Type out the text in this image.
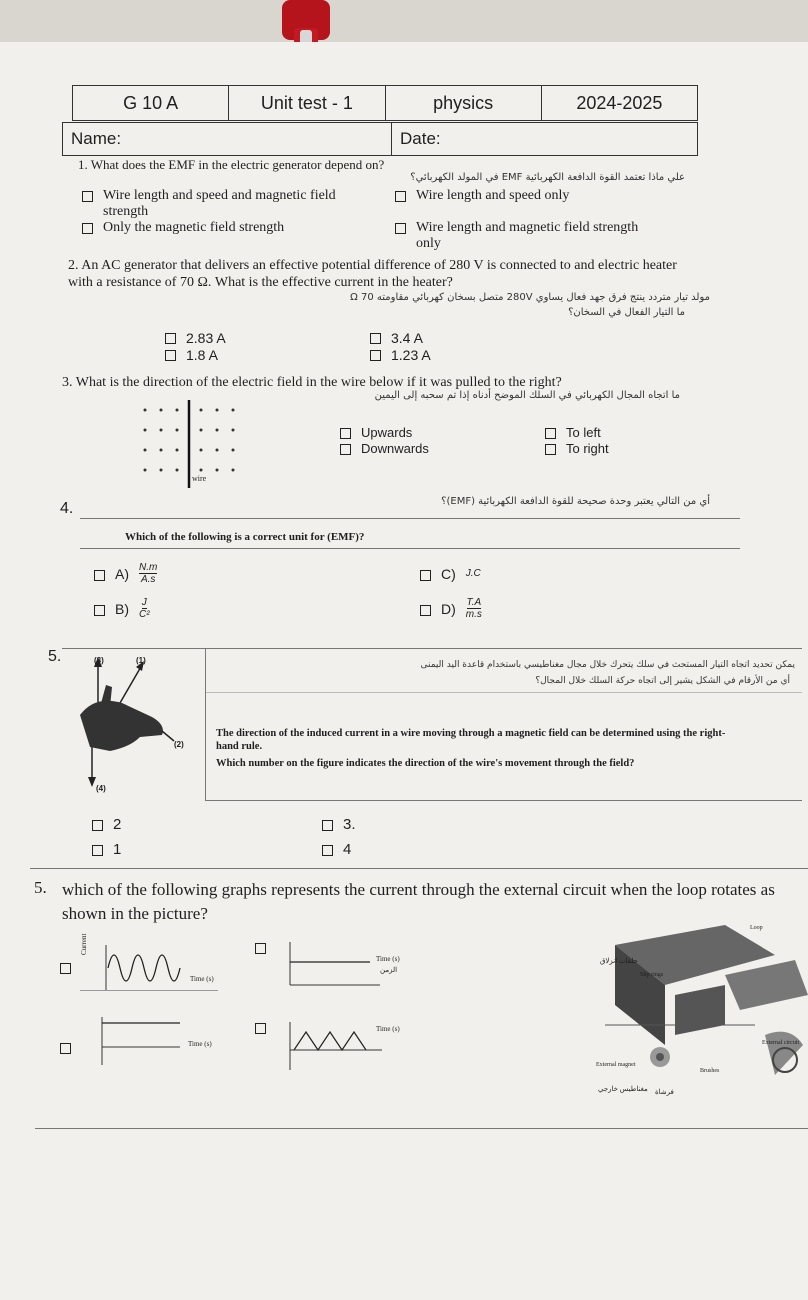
G 10 A	Unit test - 1	physics	2024-2025
Name:	Date:
1. What does the EMF in the electric generator depend on?
علي ماذا تعتمد القوة الدافعة الكهربائية EMF في المولد الكهربائي؟
Wire length and speed and magnetic field strength
Wire length and speed only
Only the magnetic field strength	Wire length and magnetic field strength only
2. An AC generator that delivers an effective potential difference of 280 V is connected to and electric heater with a resistance of 70 Ω. What is the effective current in the heater?
مولد تيار متردد ينتج فرق جهد فعال يساوي 280V متصل بسخان كهربائي مقاومته 70 Ω
ما التيار الفعال في السخان؟
2.83 A	3.4 A
1.8 A	1.23 A
3. What is the direction of the electric field in the wire below if it was pulled to the right?
ما اتجاه المجال الكهربائي في السلك الموضح أدناه إذا تم سحبه إلى اليمين
wire
Upwards	To left
Downwards	To right
4.	أي من التالي يعتبر وحدة صحيحة للقوة الدافعة الكهربائية (EMF)؟
Which of the following is a correct unit for (EMF)?
$A) \frac{N.m}{A.s}$	C) J.C
$B) \frac{J}{\text{C²}}$	$D) \frac{T.A}{m.s}$
5.	(3)	(1)
(2)
(4)
يمكن تحديد اتجاه التيار المستحث في سلك يتحرك خلال مجال مغناطيسي باستخدام قاعدة اليد اليمنى
أي من الأرقام في الشكل يشير إلى اتجاه حركة السلك خلال المجال؟
The direction of the induced current in a wire moving through a magnetic field can be determined using the right-hand rule.
Which number on the figure indicates the direction of the wire's movement through the field?
2	3.
1	4
5. which of the following graphs represents the current through the external circuit when the loop rotates as shown in the picture?
Current
Time (s)
Time (s)
الزمن
Time (s)
Time (s)
Loop
حلقات انزلاق
Slip rings
External circuit
Brushes
External magnet
مغناطيس خارجي فرشاة
